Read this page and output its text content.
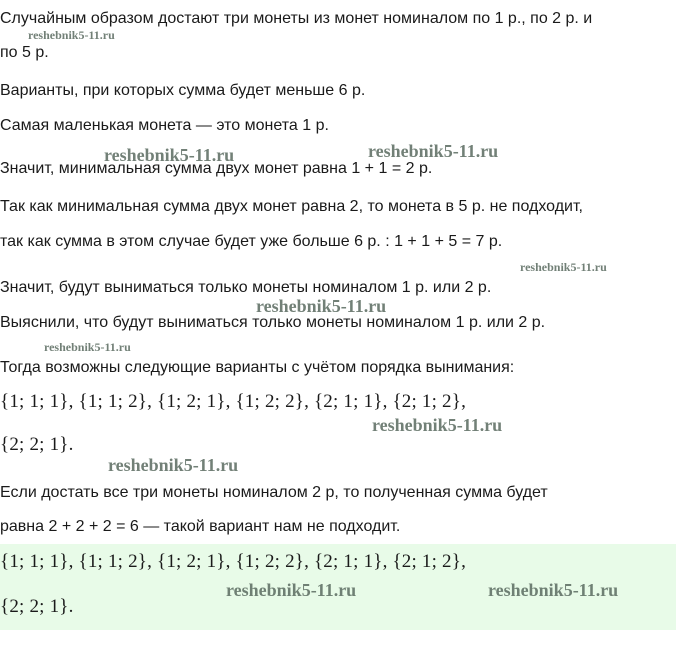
Случайным образом достают три монеты из монет номиналом по 1 р., по 2 р. и
по 5 р.
Варианты, при которых сумма будет меньше 6 р.
Самая маленькая монета — это монета 1 р.
Значит, минимальная сумма двух монет равна 1 + 1 = 2 р.
Так как минимальная сумма двух монет равна 2, то монета в 5 р. не подходит,
так как сумма в этом случае будет уже больше 6 р. : 1 + 1 + 5 = 7 р.
Значит, будут выниматься только монеты номиналом 1 р. или 2 р.
Выяснили, что будут выниматься только монеты номиналом 1 р. или 2 р.
Тогда возможны следующие варианты с учётом порядка вынимания:
{1; 1; 1}, {1; 1; 2}, {1; 2; 1}, {1; 2; 2}, {2; 1; 1}, {2; 1; 2},
{2; 2; 1}.
Если достать все три монеты номиналом 2 р, то полученная сумма будет
равна 2 + 2 + 2 = 6 — такой вариант нам не подходит.
{1; 1; 1}, {1; 1; 2}, {1; 2; 1}, {1; 2; 2}, {2; 1; 1}, {2; 1; 2},
{2; 2; 1}.
reshebnik5-11.ru
reshebnik5-11.ru	reshebnik5-11.ru
reshebnik5-11.ru
reshebnik5-11.ru
reshebnik5-11.ru
reshebnik5-11.ru
reshebnik5-11.ru
reshebnik5-11.ru	reshebnik5-11.ru
